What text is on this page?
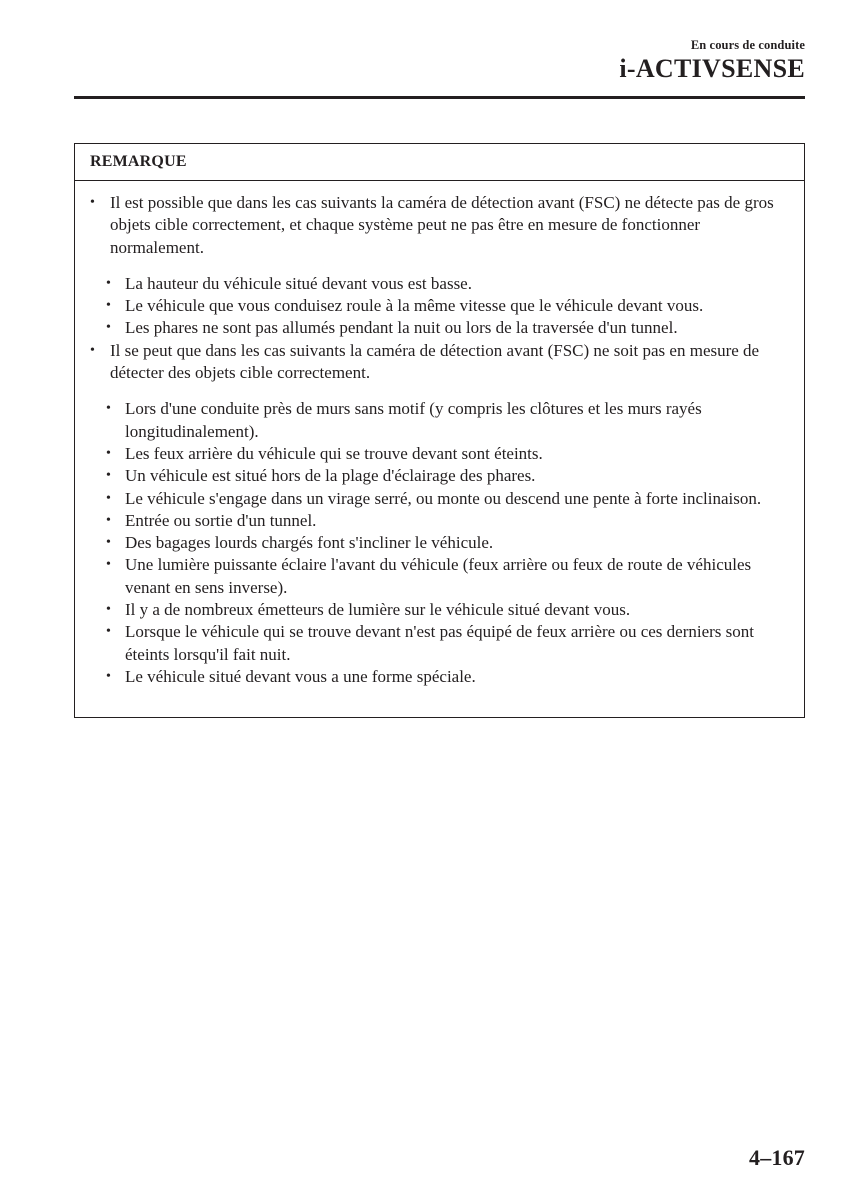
En cours de conduite
i-ACTIVSENSE
REMARQUE
• Il est possible que dans les cas suivants la caméra de détection avant (FSC) ne détecte pas de gros objets cible correctement, et chaque système peut ne pas être en mesure de fonctionner normalement.
• La hauteur du véhicule situé devant vous est basse.
• Le véhicule que vous conduisez roule à la même vitesse que le véhicule devant vous.
• Les phares ne sont pas allumés pendant la nuit ou lors de la traversée d'un tunnel.
• Il se peut que dans les cas suivants la caméra de détection avant (FSC) ne soit pas en mesure de détecter des objets cible correctement.
• Lors d'une conduite près de murs sans motif (y compris les clôtures et les murs rayés longitudinalement).
• Les feux arrière du véhicule qui se trouve devant sont éteints.
• Un véhicule est situé hors de la plage d'éclairage des phares.
• Le véhicule s'engage dans un virage serré, ou monte ou descend une pente à forte inclinaison.
• Entrée ou sortie d'un tunnel.
• Des bagages lourds chargés font s'incliner le véhicule.
• Une lumière puissante éclaire l'avant du véhicule (feux arrière ou feux de route de véhicules venant en sens inverse).
• Il y a de nombreux émetteurs de lumière sur le véhicule situé devant vous.
• Lorsque le véhicule qui se trouve devant n'est pas équipé de feux arrière ou ces derniers sont éteints lorsqu'il fait nuit.
• Le véhicule situé devant vous a une forme spéciale.
4–167
